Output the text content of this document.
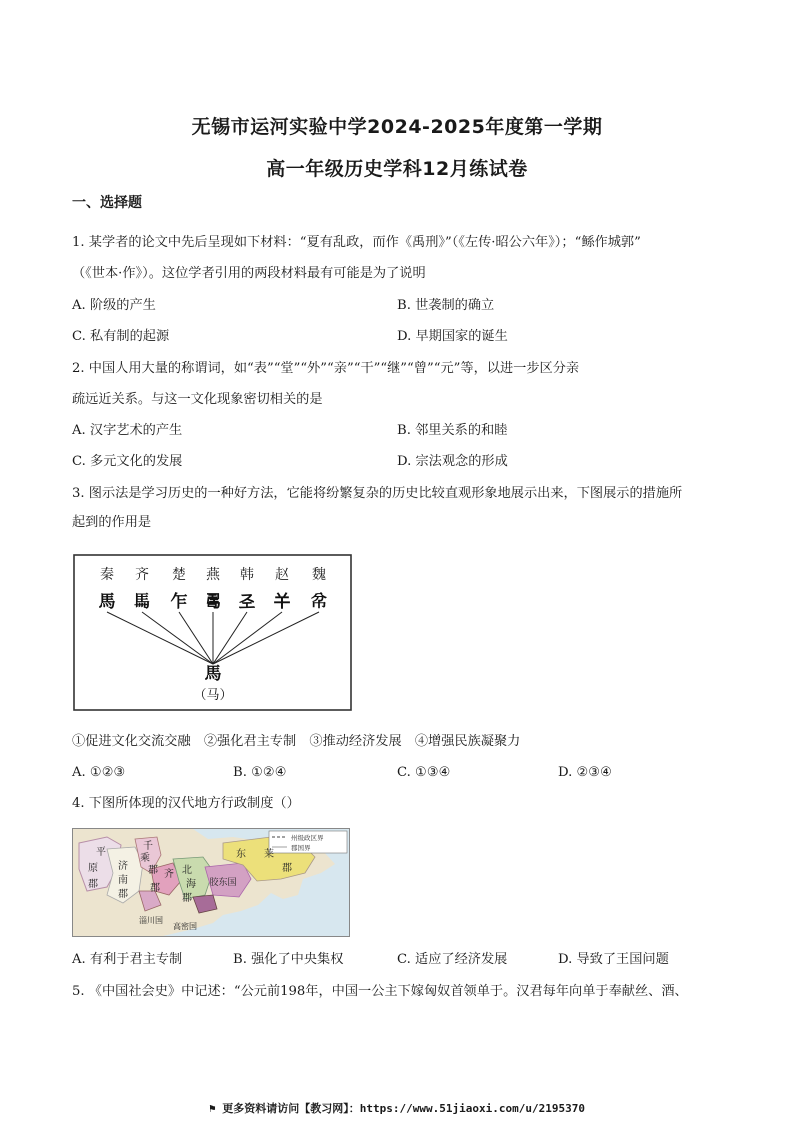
无锡市运河实验中学2024-2025年度第一学期
高一年级历史学科12月练试卷
一、选择题
1. 某学者的论文中先后呈现如下材料：“夏有乱政，而作《禹刑》”（《左传·昭公六年》）；“鲧作城郭”
（《世本·作》）。这位学者引用的两段材料最有可能是为了说明
A. 阶级的产生	B. 世袭制的确立
C. 私有制的起源	D. 早期国家的诞生
2. 中国人用大量的称谓词，如“表”“堂”“外”“亲”“干”“继”“曾”“元”等，以进一步区分亲
疏远近关系。与这一文化现象密切相关的是
A. 汉字艺术的产生	B. 邻里关系的和睦
C. 多元文化的发展	D. 宗法观念的形成
3. 图示法是学习历史的一种好方法，它能将纷繁复杂的历史比较直观形象地展示出来，下图展示的措施所
起到的作用是
秦 齐 楚 燕 韩 赵 魏
馬 𩡧 乍 𠷎 𢀖 𢆉 𢁥
馬
（马）
①促进文化交流交融　②强化君主专制　③推动经济发展　④增强民族凝聚力
A. ①②③	B. ①②④	C. ①③④	D. ②③④
4. 下图所体现的汉代地方行政制度（）
州级政区界
郡国界
平
原
郡
千
乘
郡
济
南
郡
齐
郡
北
海
郡
东 莱
郡
胶东国
淄川国
高密国
A. 有利于君主专制	B. 强化了中央集权	C. 适应了经济发展	D. 导致了王国问题
5. 《中国社会史》中记述：“公元前198年，中国一公主下嫁匈奴首领单于。汉君每年向单于奉献丝、酒、
⚑ 更多资料请访问【教习网】：https://www.51jiaoxi.com/u/2195370
